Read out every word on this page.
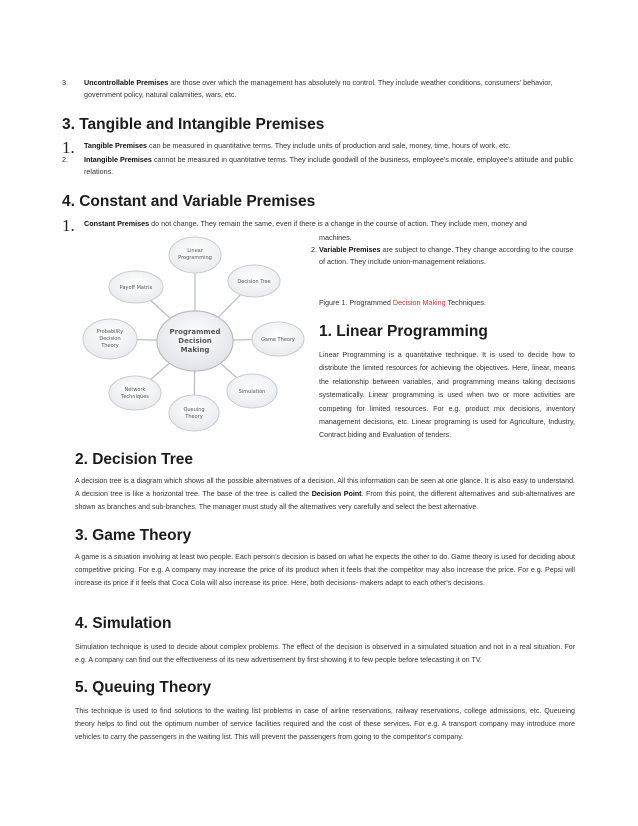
3. Uncontrollable Premises are those over which the management has absolutely no control. They include weather conditions, consumers' behavior, government policy, natural calamities, wars, etc.
3. Tangible and Intangible Premises
1. Tangible Premises can be measured in quantitative terms. They include units of production and sale, money, time, hours of work, etc.
2. Intangible Premises cannot be measured in quantitative terms. They include goodwill of the business, employee's morale, employee's attitude and public relations.
4. Constant and Variable Premises
1. Constant Premises do not change. They remain the same, even if there is a change in the course of action. They include men, money and
machines.
2. Variable Premises are subject to change. They change according to the course of action. They include union-management relations.
Linear
Programming
Decision Tree
Game Theory
Simulation
Queuing
Theory
Network
Techniques
Probability
Decision
Theory
Payoff Matrix
Programmed
Decision
Making
Figure 1. Programmed Decision Making Techniques.
1. Linear Programming
Linear Programming is a quantitative technique. It is used to decide how to distribute the limited resources for achieving the objectives. Here, linear, means the relationship between variables, and programming means taking decisions systematically. Linear programming is used when two or more activities are competing for limited resources. For e.g. product mix decisions, inventory management decisions, etc. Linear programing is used for Agriculture, Industry, Contract biding and Evaluation of tenders.
2. Decision Tree
A decision tree is a diagram which shows all the possible alternatives of a decision. All this information can be seen at one glance. It is also easy to understand. A decision tree is like a horizontal tree. The base of the tree is called the Decision Point. From this point, the different alternatives and sub-alternatives are shown as branches and sub-branches. The manager must study all the alternatives very carefully and select the best alternative.
3. Game Theory
A game is a situation involving at least two people. Each person’s decision is based on what he expects the other to do. Game theory is used for deciding about competitive pricing. For e.g. A company may increase the price of its product when it feels that the competitor may also increase the price. For e.g. Pepsi will increase its price if it feels that Coca Cola will also increase its price. Here, both decisions- makers adapt to each other's decisions.
4. Simulation
Simulation technique is used to decide about complex problems. The effect of the decision is observed in a simulated situation and not in a real situation. For e.g. A company can find out the effectiveness of its new advertisement by first showing it to few people before telecasting it on TV.
5. Queuing Theory
This technique is used to find solutions to the waiting list problems in case of airline reservations, railway reservations, college admissions, etc. Queueing theory helps to find out the optimum number of service facilities required and the cost of these services. For e.g. A transport company may introduce more vehicles to carry the passengers in the waiting list. This will prevent the passengers from going to the competitor's company.
